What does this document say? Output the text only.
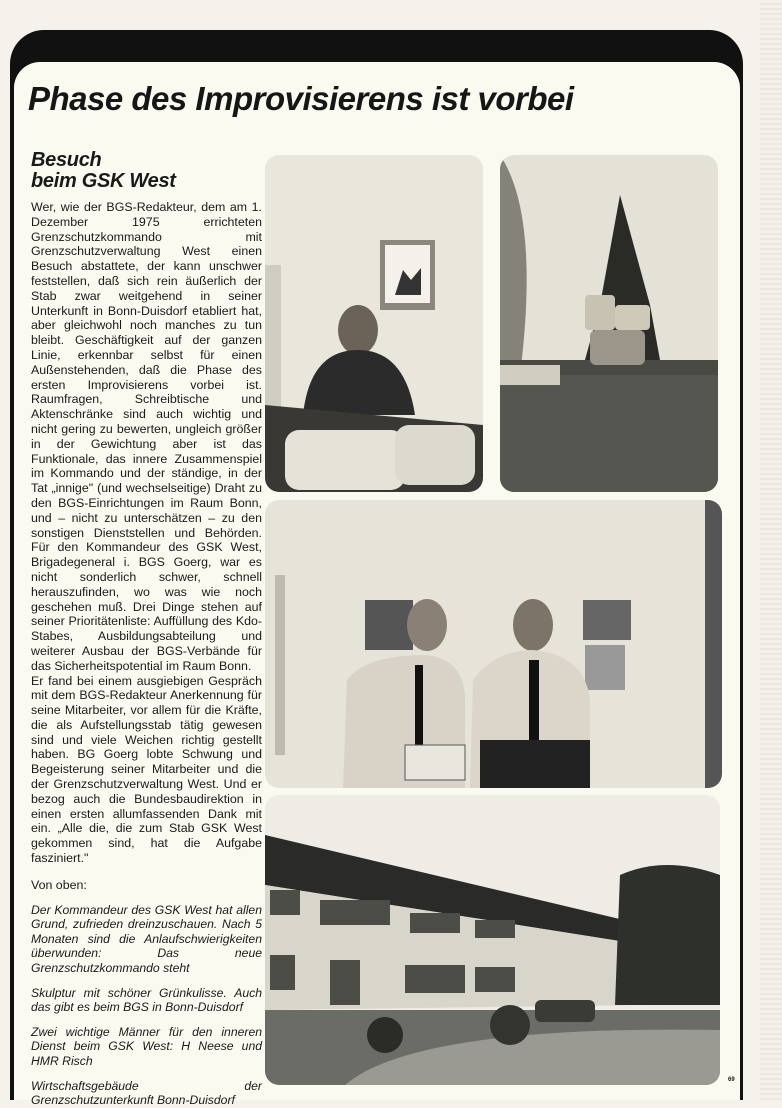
Phase des Improvisierens ist vorbei
Besuch
beim GSK West
Wer, wie der BGS-Redakteur, dem am 1. Dezember 1975 errichteten Grenzschutzkommando mit Grenzschutzverwaltung West einen Besuch abstattete, der kann unschwer feststellen, daß sich rein äußerlich der Stab zwar weitgehend in seiner Unterkunft in Bonn-Duisdorf etabliert hat, aber gleichwohl noch manches zu tun bleibt. Geschäftigkeit auf der ganzen Linie, erkennbar selbst für einen Außenstehenden, daß die Phase des ersten Improvisierens vorbei ist. Raumfragen, Schreibtische und Aktenschränke sind auch wichtig und nicht gering zu bewerten, ungleich größer in der Gewichtung aber ist das Funktionale, das innere Zusammenspiel im Kommando und der ständige, in der Tat „innige" (und wechselseitige) Draht zu den BGS-Einrichtungen im Raum Bonn, und – nicht zu unterschätzen – zu den sonstigen Dienststellen und Behörden. Für den Kommandeur des GSK West, Brigadegeneral i. BGS Goerg, war es nicht sonderlich schwer, schnell herauszufinden, wo was wie noch geschehen muß. Drei Dinge stehen auf seiner Prioritätenliste: Auffüllung des Kdo-Stabes, Ausbildungsabteilung und weiterer Ausbau der BGS-Verbände für das Sicherheitspotential im Raum Bonn.
Er fand bei einem ausgiebigen Gespräch mit dem BGS-Redakteur Anerkennung für seine Mitarbeiter, vor allem für die Kräfte, die als Aufstellungsstab tätig gewesen sind und viele Weichen richtig gestellt haben. BG Goerg lobte Schwung und Begeisterung seiner Mitarbeiter und die der Grenzschutzverwaltung West. Und er bezog auch die Bundesbaudirektion in einen ersten allumfassenden Dank mit ein. „Alle die, die zum Stab GSK West gekommen sind, hat die Aufgabe fasziniert."

Von oben:

Der Kommandeur des GSK West hat allen Grund, zufrieden dreinzuschauen. Nach 5 Monaten sind die Anlaufschwierigkeiten überwunden: Das neue Grenzschutzkommando steht

Skulptur mit schöner Grünkulisse. Auch das gibt es beim BGS in Bonn-Duisdorf

Zwei wichtige Männer für den inneren Dienst beim GSK West: H Neese und HMR Risch

Wirtschaftsgebäude der Grenzschutzunterkunft Bonn-Duisdorf

69
